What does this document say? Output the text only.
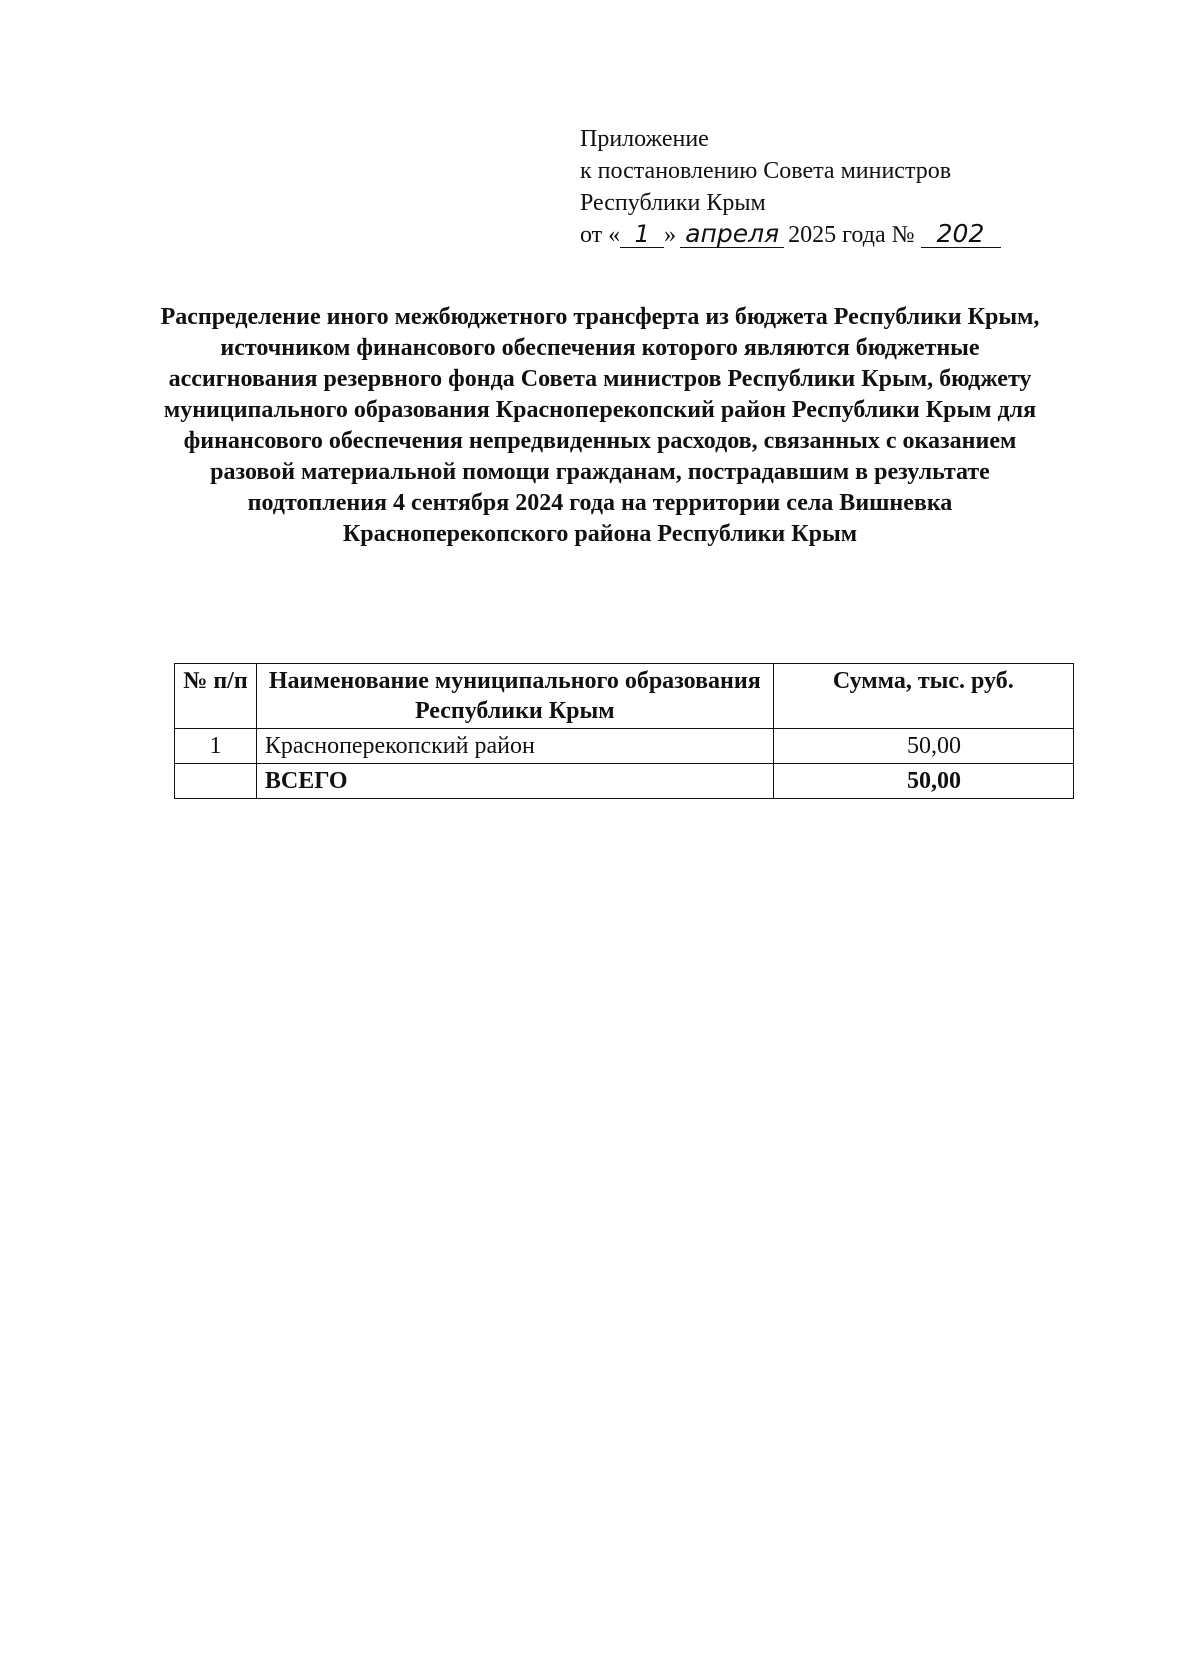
Приложение
к постановлению Совета министров
Республики Крым
от « 1 » апреля 2025 года № 202
Распределение иного межбюджетного трансферта из бюджета Республики Крым, источником финансового обеспечения которого являются бюджетные ассигнования резервного фонда Совета министров Республики Крым, бюджету муниципального образования Красноперекопский район Республики Крым для финансового обеспечения непредвиденных расходов, связанных с оказанием разовой материальной помощи гражданам, пострадавшим в результате подтопления 4 сентября 2024 года на территории села Вишневка Красноперекопского района Республики Крым
№ п/п	Наименование муниципального образования Республики Крым	Сумма, тыс. руб.
1	Красноперекопский район	50,00
	ВСЕГО	50,00
